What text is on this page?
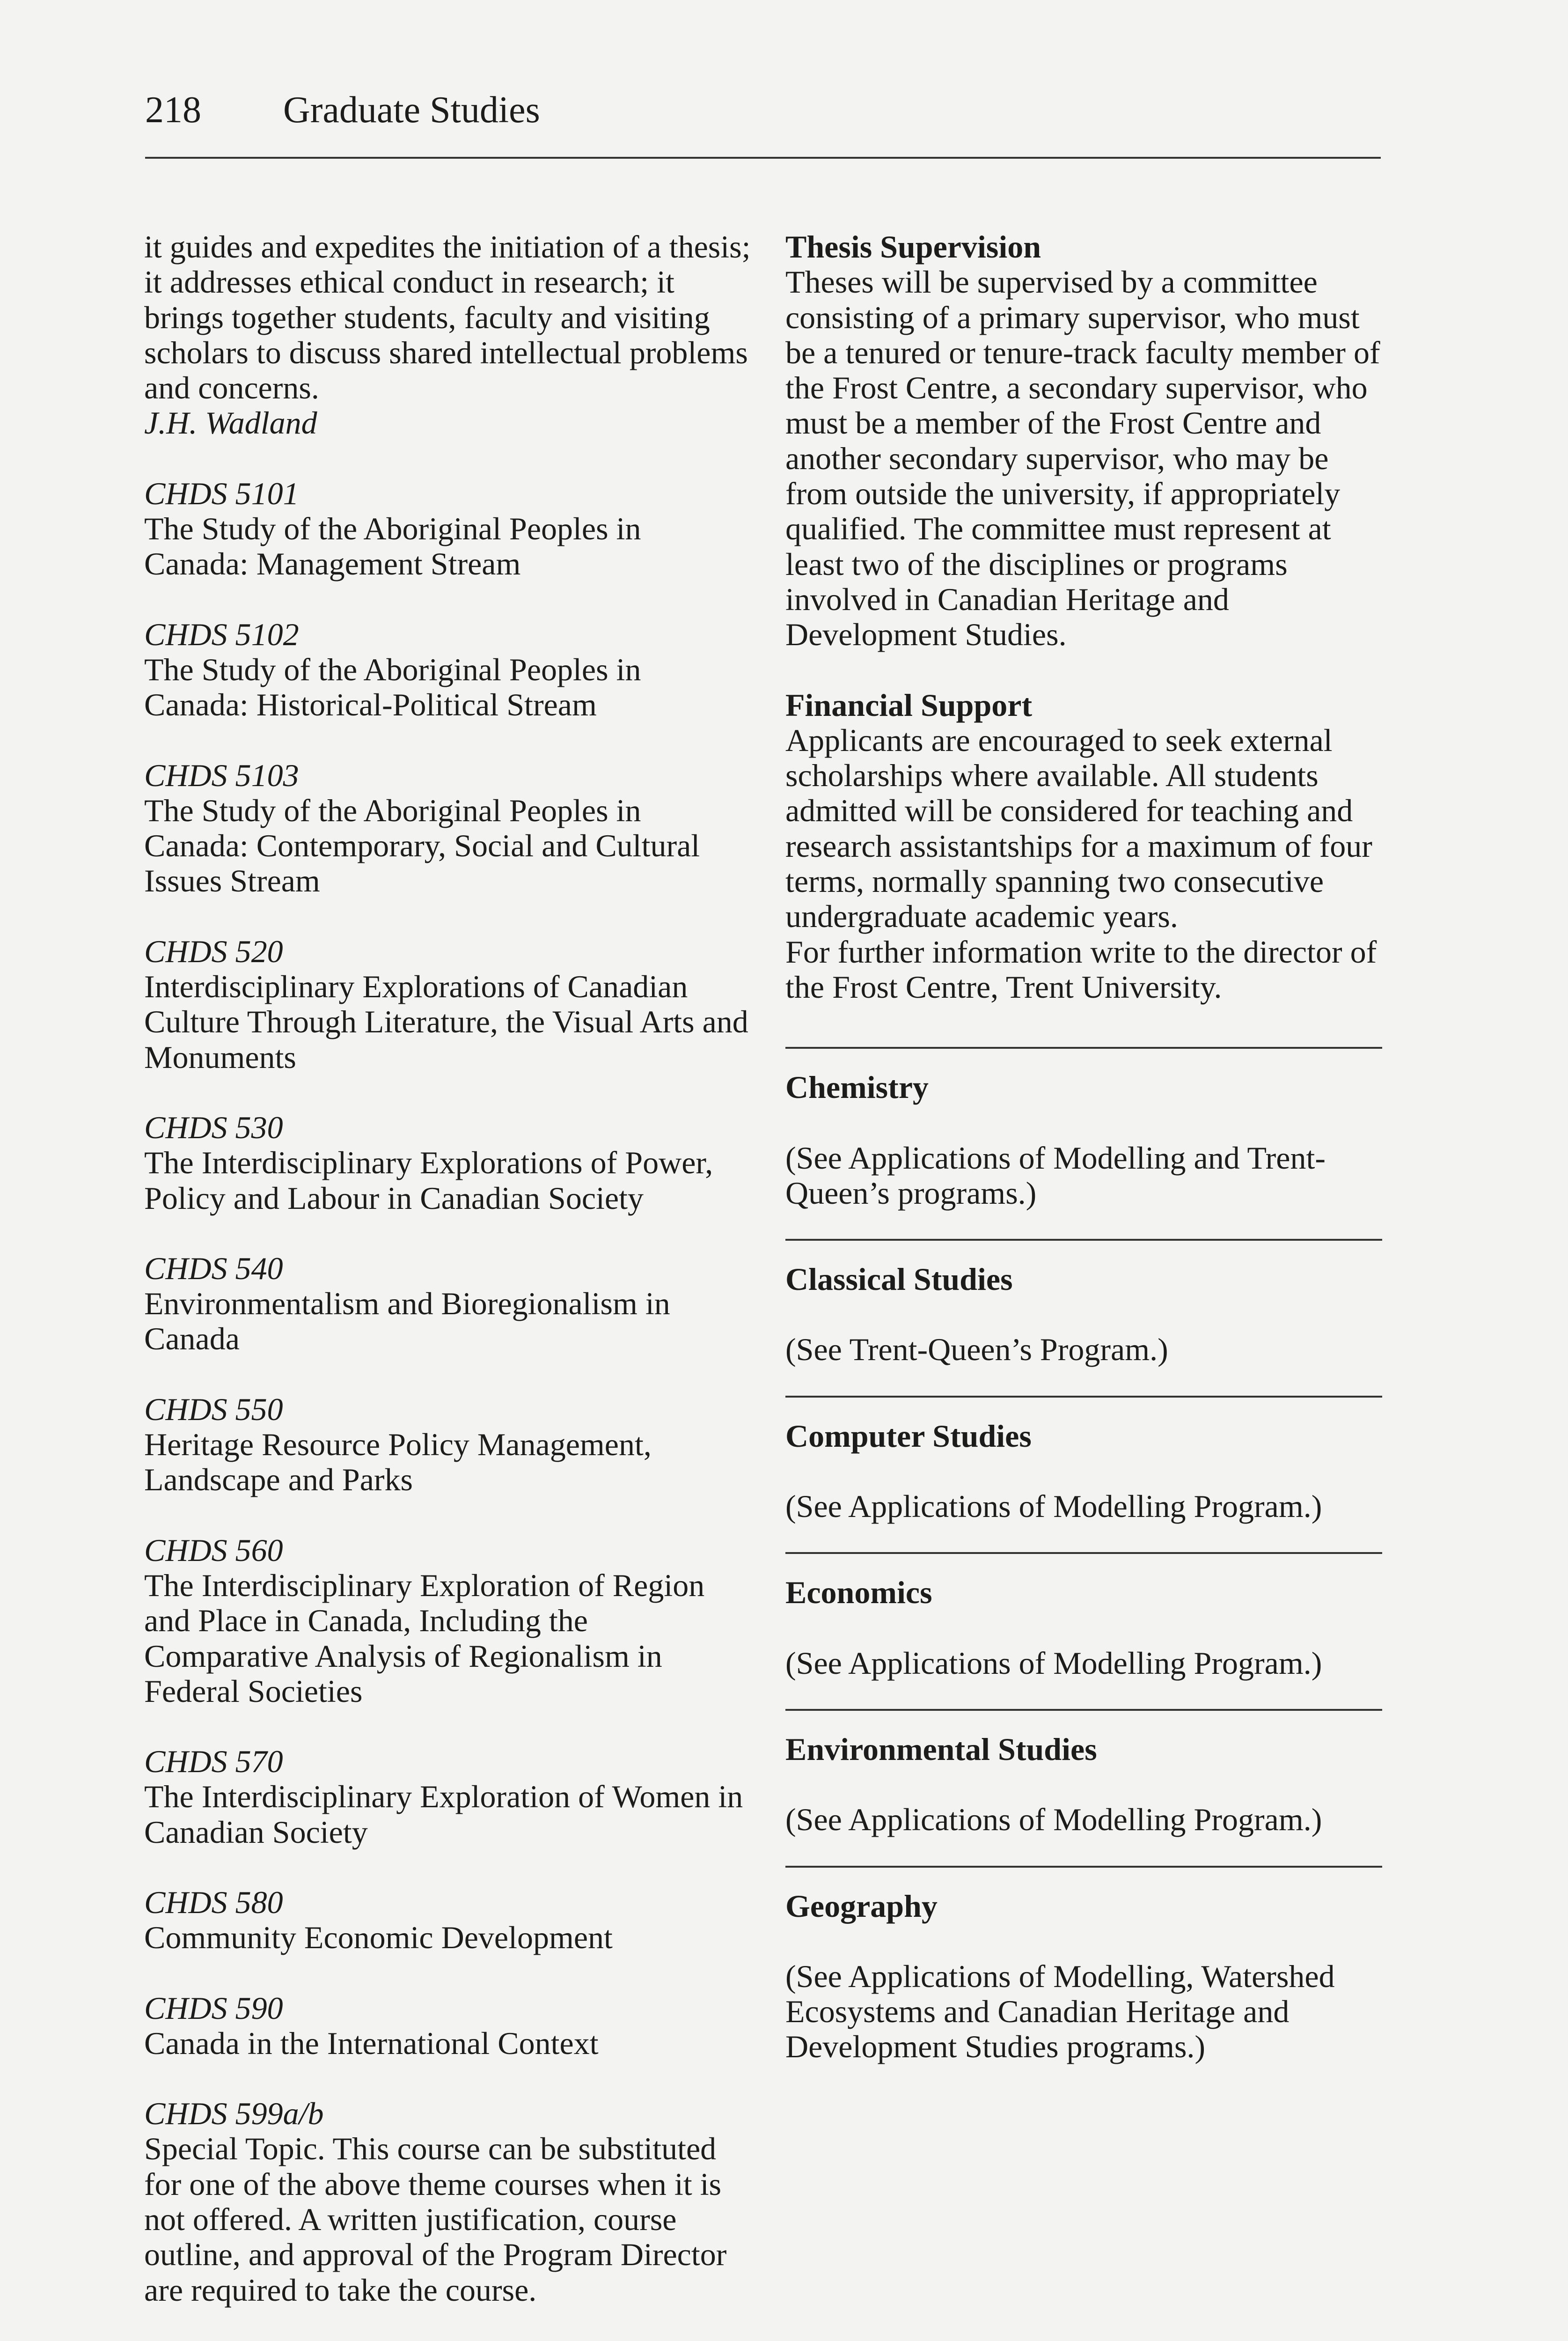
218 Graduate Studies

it guides and expedites the initiation of a thesis; it addresses ethical conduct in research; it brings together students, faculty and visiting scholars to discuss shared intellectual problems and concerns.
J.H. Wadland

CHDS 5101
The Study of the Aboriginal Peoples in Canada: Management Stream
CHDS 5102
The Study of the Aboriginal Peoples in Canada: Historical-Political Stream
CHDS 5103
The Study of the Aboriginal Peoples in Canada: Contemporary, Social and Cultural Issues Stream
CHDS 520
Interdisciplinary Explorations of Canadian Culture Through Literature, the Visual Arts and Monuments
CHDS 530
The Interdisciplinary Explorations of Power, Policy and Labour in Canadian Society
CHDS 540
Environmentalism and Bioregionalism in Canada
CHDS 550
Heritage Resource Policy Management, Landscape and Parks
CHDS 560
The Interdisciplinary Exploration of Region and Place in Canada, Including the Comparative Analysis of Regionalism in Federal Societies
CHDS 570
The Interdisciplinary Exploration of Women in Canadian Society
CHDS 580
Community Economic Development
CHDS 590
Canada in the International Context
CHDS 599a/b
Special Topic. This course can be substituted for one of the above theme courses when it is not offered. A written justification, course outline, and approval of the Program Director are required to take the course.
Thesis Supervision
Theses will be supervised by a committee consisting of a primary supervisor, who must be a tenured or tenure-track faculty member of the Frost Centre, a secondary supervisor, who must be a member of the Frost Centre and another secondary supervisor, who may be from outside the university, if appropriately qualified. The committee must represent at least two of the disciplines or programs involved in Canadian Heritage and Development Studies.
Financial Support
Applicants are encouraged to seek external scholarships where available. All students admitted will be considered for teaching and research assistantships for a maximum of four terms, normally spanning two consecutive undergraduate academic years.
For further information write to the director of the Frost Centre, Trent University.
Chemistry
(See Applications of Modelling and Trent-Queen’s programs.)
Classical Studies
(See Trent-Queen’s Program.)
Computer Studies
(See Applications of Modelling Program.)
Economics
(See Applications of Modelling Program.)
Environmental Studies
(See Applications of Modelling Program.)
Geography
(See Applications of Modelling, Watershed Ecosystems and Canadian Heritage and Development Studies programs.)
